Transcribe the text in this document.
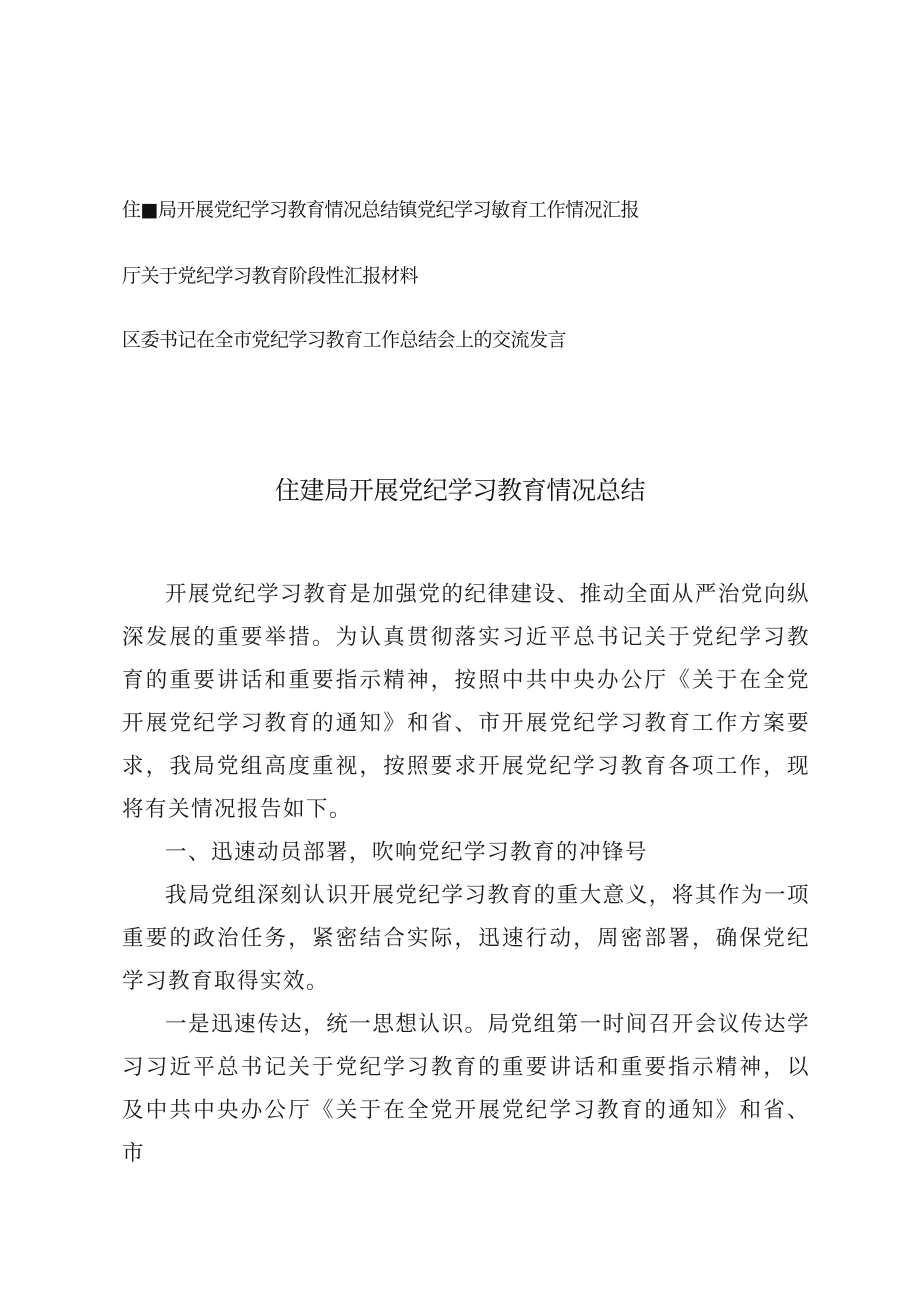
住■局开展党纪学习教育情况总结镇党纪学习敏育工作情况汇报
厅关于党纪学习教育阶段性汇报材料
区委书记在全市党纪学习教育工作总结会上的交流发言
住建局开展党纪学习教育情况总结

开展党纪学习教育是加强党的纪律建设、推动全面从严治党向纵深发展的重要举措。为认真贯彻落实习近平总书记关于党纪学习教育的重要讲话和重要指示精神，按照中共中央办公厅《关于在全党开展党纪学习教育的通知》和省、市开展党纪学习教育工作方案要求，我局党组高度重视，按照要求开展党纪学习教育各项工作，现将有关情况报告如下。

一、迅速动员部署，吹响党纪学习教育的冲锋号

我局党组深刻认识开展党纪学习教育的重大意义，将其作为一项重要的政治任务，紧密结合实际，迅速行动，周密部署，确保党纪学习教育取得实效。

一是迅速传达，统一思想认识。局党组第一时间召开会议传达学习习近平总书记关于党纪学习教育的重要讲话和重要指示精神，以及中共中央办公厅《关于在全党开展党纪学习教育的通知》和省、市
